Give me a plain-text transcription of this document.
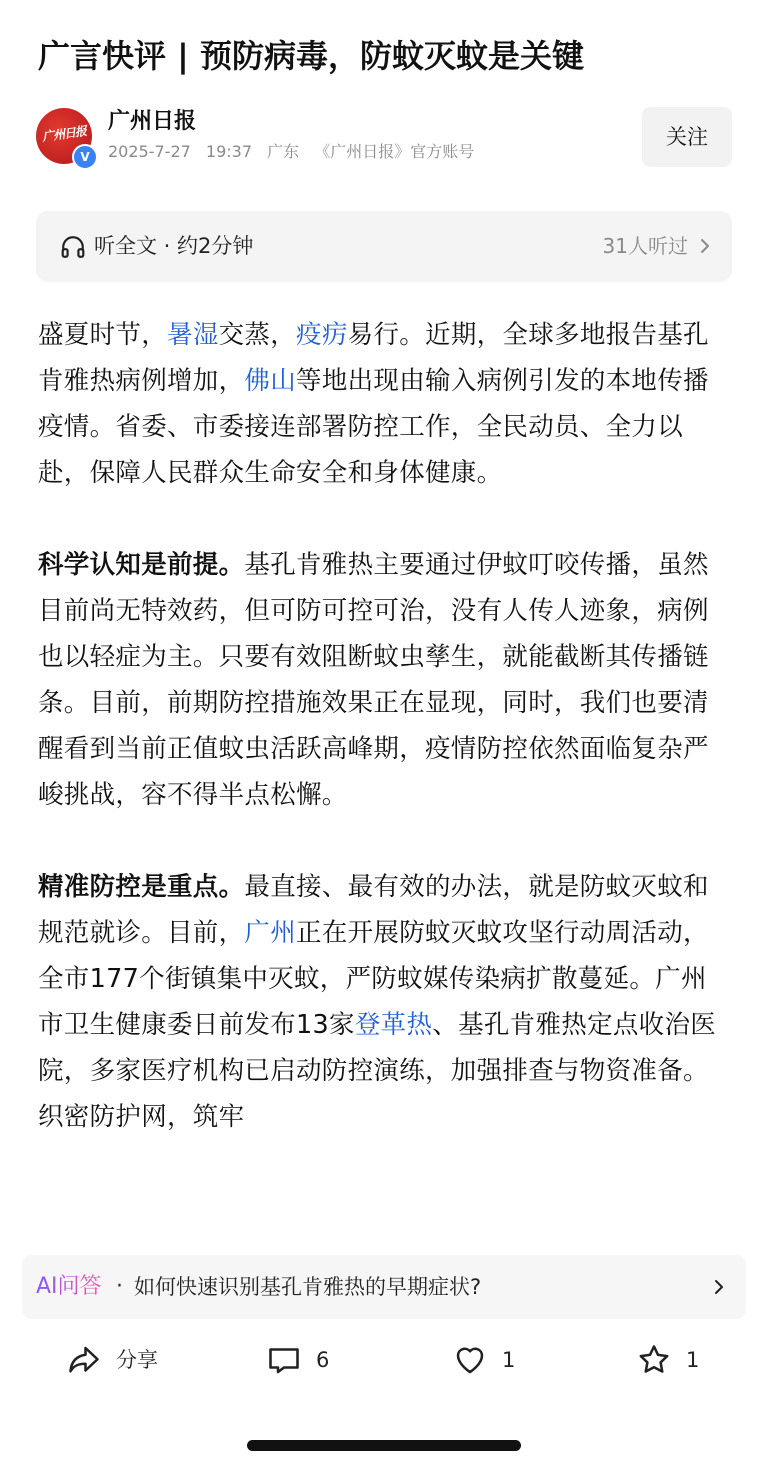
广言快评 | 预防病毒，防蚊灭蚊是关键
广州日报
V
广州日报
2025-7-27 19:37 广东 《广州日报》官方账号
关注
听全文 · 约2分钟	31人听过

盛夏时节，暑湿交蒸，疫疠易行。近期，全球多地报告基孔肯雅热病例增加，佛山等地出现由输入病例引发的本地传播疫情。省委、市委接连部署防控工作，全民动员、全力以赴，保障人民群众生命安全和身体健康。

科学认知是前提。基孔肯雅热主要通过伊蚊叮咬传播，虽然目前尚无特效药，但可防可控可治，没有人传人迹象，病例也以轻症为主。只要有效阻断蚊虫孳生，就能截断其传播链条。目前，前期防控措施效果正在显现，同时，我们也要清醒看到当前正值蚊虫活跃高峰期，疫情防控依然面临复杂严峻挑战，容不得半点松懈。

精准防控是重点。最直接、最有效的办法，就是防蚊灭蚊和规范就诊。目前，广州正在开展防蚊灭蚊攻坚行动周活动，全市177个街镇集中灭蚊，严防蚊媒传染病扩散蔓延。广州市卫生健康委日前发布13家登革热、基孔肯雅热定点收治医院，多家医疗机构已启动防控演练，加强排查与物资准备。织密防护网，筑牢

AI问答 · 如何快速识别基孔肯雅热的早期症状?
分享	6	1	1
